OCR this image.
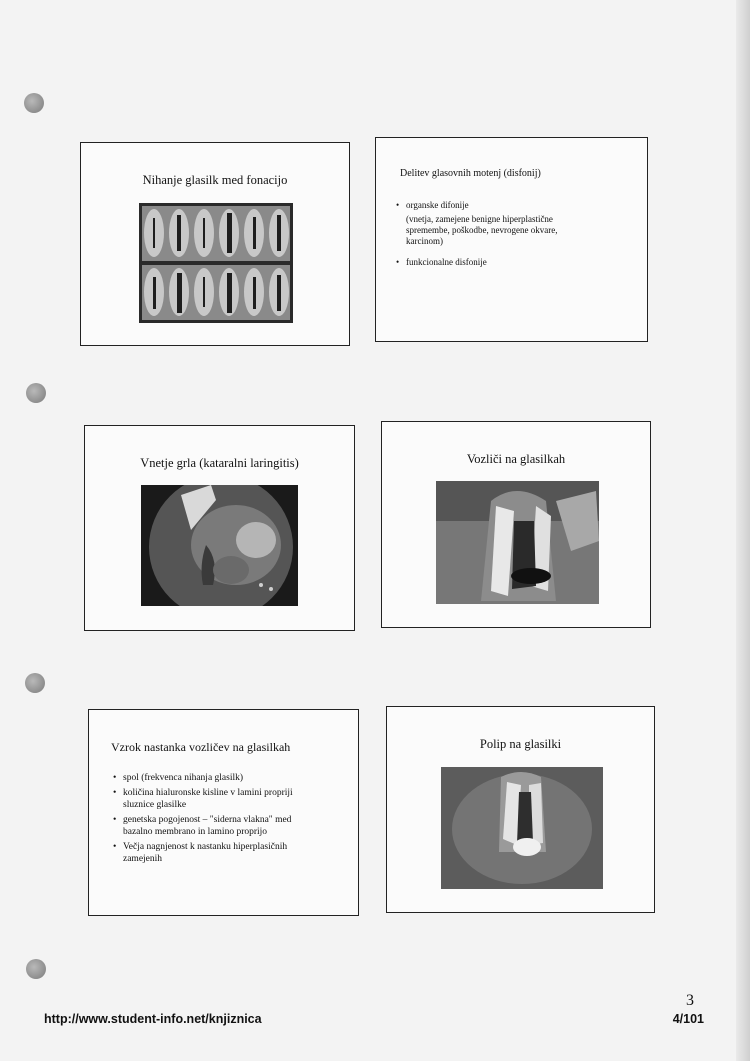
Nihanje glasilk med fonacijo	Delitev glasovnih motenj (disfonij)
• organske difonije
(vnetja, zamejene benigne hiperplastične spremembe, poškodbe, nevrogene okvare, karcinom)
• funkcionalne disfonije
Vnetje grla (kataralni laringitis)	Vozliči na glasilkah
Vzrok nastanka vozličev na glasilkah
• spol (frekvenca nihanja glasilk)
• količina hialuronske kisline v lamini propriji sluznice glasilke
• genetska pogojenost – "siderna vlakna" med bazalno membrano in lamino proprijo
• Večja nagnjenost k nastanku hiperplasičnih zamejenih
Polip na glasilki
3
http://www.student-info.net/knjiznica	4/101
